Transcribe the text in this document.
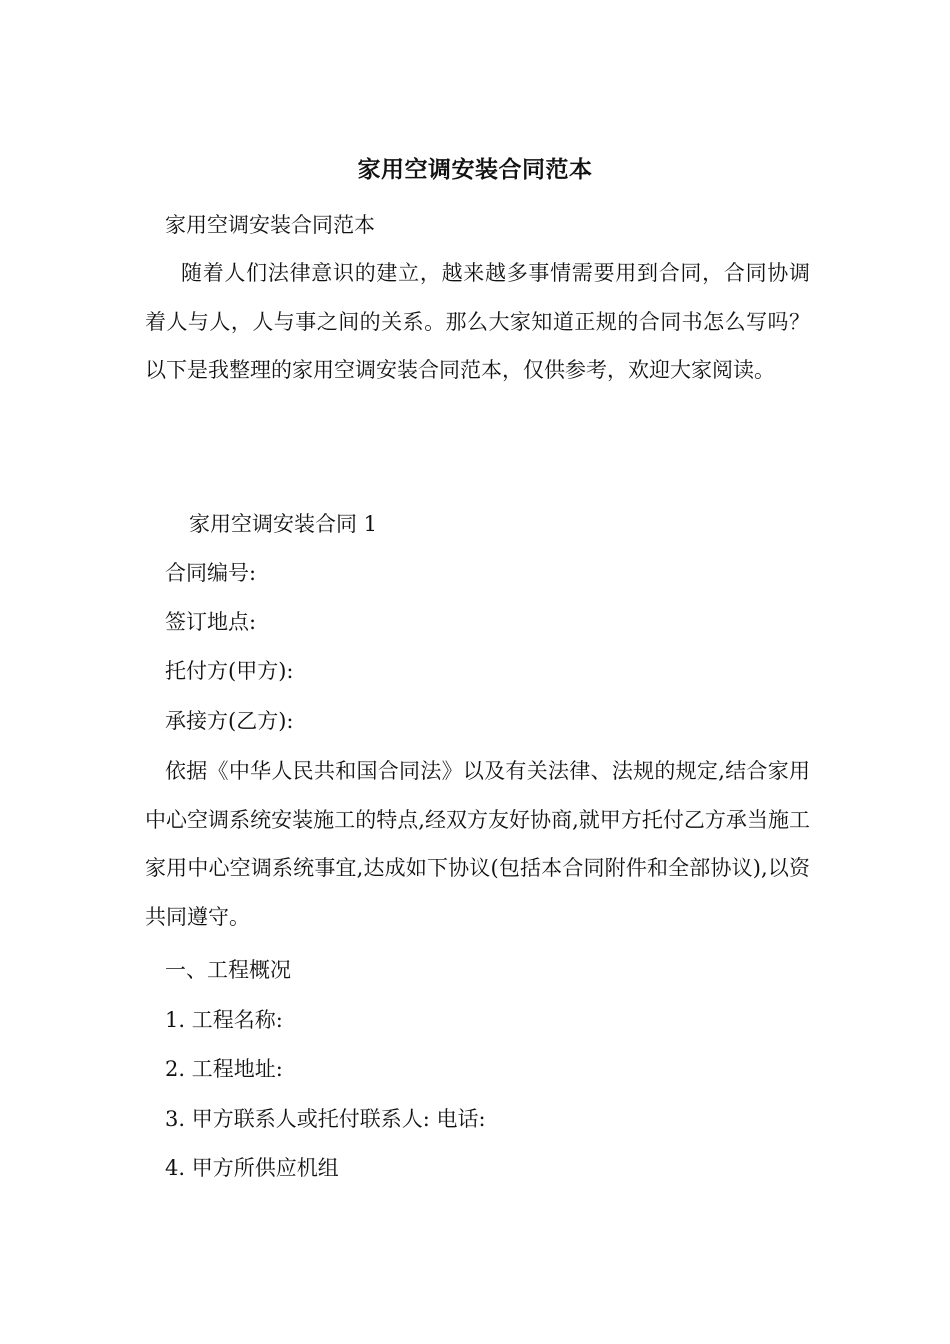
家用空调安装合同范本
家用空调安装合同范本
随着人们法律意识的建立，越来越多事情需要用到合同，合同协调着人与人，人与事之间的关系。那么大家知道正规的合同书怎么写吗？以下是我整理的家用空调安装合同范本，仅供参考，欢迎大家阅读。
家用空调安装合同 1
合同编号:
签订地点:
托付方(甲方):
承接方(乙方):
依据《中华人民共和国合同法》以及有关法律、法规的规定,结合家用中心空调系统安装施工的特点,经双方友好协商,就甲方托付乙方承当施工家用中心空调系统事宜,达成如下协议(包括本合同附件和全部协议),以资共同遵守。
一、工程概况
1. 工程名称:
2. 工程地址:
3. 甲方联系人或托付联系人: 电话:
4. 甲方所供应机组
